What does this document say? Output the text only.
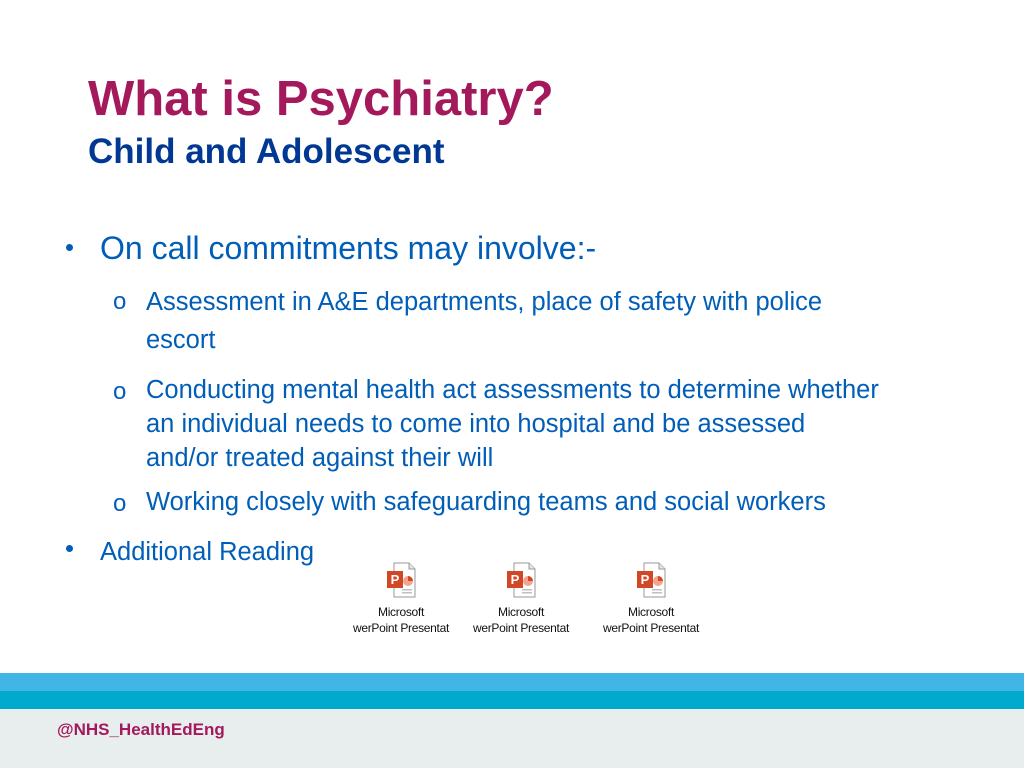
What is Psychiatry?
Child and Adolescent
On call commitments may involve:-
o Assessment in A&E departments, place of safety with police
escort
o Conducting mental health act assessments to determine whether
an individual needs to come into hospital and be assessed
and/or treated against their will
o Working closely with safeguarding teams and social workers
Additional Reading
P
Microsoft
werPoint Presentat
P
Microsoft
werPoint Presentat
P
Microsoft
werPoint Presentat
@NHS_HealthEdEng
